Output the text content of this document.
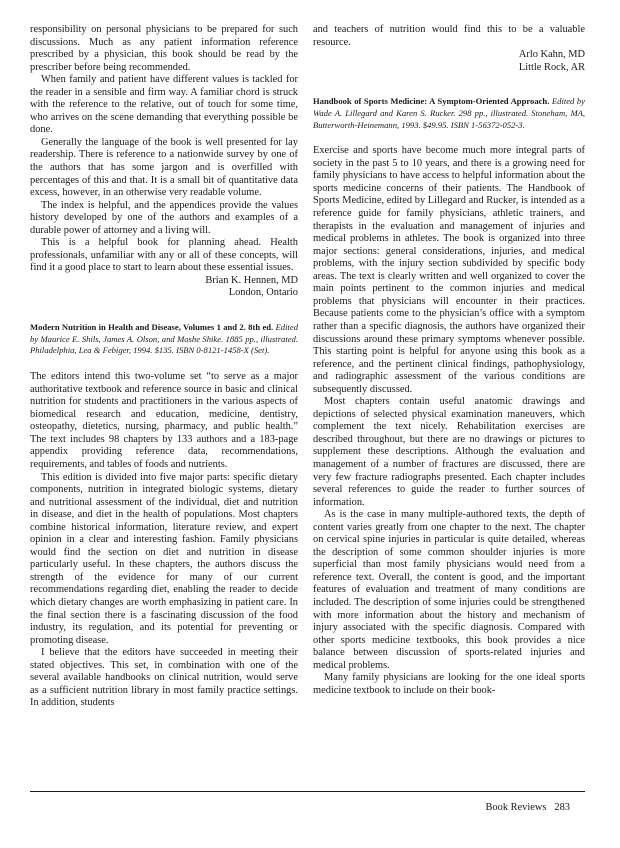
responsibility on personal physicians to be prepared for such discussions. Much as any patient information reference prescribed by a physician, this book should be read by the prescriber before being recommended.

When family and patient have different values is tackled for the reader in a sensible and firm way. A familiar chord is struck with the reference to the relative, out of touch for some time, who arrives on the scene demanding that everything possible be done.

Generally the language of the book is well presented for lay readership. There is reference to a nationwide survey by one of the authors that has some jargon and is overfilled with percentages of this and that. It is a small bit of quantitative data excess, however, in an otherwise very readable volume.

The index is helpful, and the appendices provide the values history developed by one of the authors and examples of a durable power of attorney and a living will.

This is a helpful book for planning ahead. Health professionals, unfamiliar with any or all of these concepts, will find it a good place to start to learn about these essential issues.

Brian K. Hennen, MD
London, Ontario

Modern Nutrition in Health and Disease, Volumes 1 and 2. 8th ed. Edited by Maurice E. Shils, James A. Olson, and Moshe Shike. 1885 pp., illustrated. Philadelphia, Lea & Febiger, 1994. $135. ISBN 0-8121-1458-X (Set).

The editors intend this two-volume set “to serve as a major authoritative textbook and reference source in basic and clinical nutrition for students and practitioners in the various aspects of biomedical research and education, medicine, dentistry, osteopathy, dietetics, nursing, pharmacy, and public health.” The text includes 98 chapters by 133 authors and a 183-page appendix providing reference data, recommendations, requirements, and tables of foods and nutrients.

This edition is divided into five major parts: specific dietary components, nutrition in integrated biologic systems, dietary and nutritional assessment of the individual, diet and nutrition in disease, and diet in the health of populations. Most chapters combine historical information, literature review, and expert opinion in a clear and interesting fashion. Family physicians would find the section on diet and nutrition in disease particularly useful. In these chapters, the authors discuss the strength of the evidence for many of our current recommendations regarding diet, enabling the reader to decide which dietary changes are worth emphasizing in patient care. In the final section there is a fascinating discussion of the food industry, its regulation, and its potential for preventing or promoting disease.

I believe that the editors have succeeded in meeting their stated objectives. This set, in combination with one of the several available handbooks on clinical nutrition, would serve as a sufficient nutrition library in most family practice settings. In addition, students

and teachers of nutrition would find this to be a valuable resource.

Arlo Kahn, MD
Little Rock, AR

Handbook of Sports Medicine: A Symptom-Oriented Approach. Edited by Wade A. Lillegard and Karen S. Rucker. 298 pp., illustrated. Stoneham, MA, Butterworth-Heinemann, 1993. $49.95. ISBN 1-56372-052-3.

Exercise and sports have become much more integral parts of society in the past 5 to 10 years, and there is a growing need for family physicians to have access to helpful information about the sports medicine concerns of their patients. The Handbook of Sports Medicine, edited by Lillegard and Rucker, is intended as a reference guide for family physicians, athletic trainers, and therapists in the evaluation and management of injuries and medical problems in athletes. The book is organized into three major sections: general considerations, injuries, and medical problems, with the injury section subdivided by specific body areas. The text is clearly written and well organized to cover the main points pertinent to the common injuries and medical problems that physicians will encounter in their practices. Because patients come to the physician’s office with a symptom rather than a specific diagnosis, the authors have organized their discussions around these primary symptoms whenever possible. This starting point is helpful for anyone using this book as a reference, and the pertinent clinical findings, pathophysiology, and radiographic assessment of the various conditions are subsequently discussed.

Most chapters contain useful anatomic drawings and depictions of selected physical examination maneuvers, which complement the text nicely. Rehabilitation exercises are described throughout, but there are no drawings or pictures to supplement these descriptions. Although the evaluation and management of a number of fractures are discussed, there are very few fracture radiographs presented. Each chapter includes several references to guide the reader to further sources of information.

As is the case in many multiple-authored texts, the depth of content varies greatly from one chapter to the next. The chapter on cervical spine injuries in particular is quite detailed, whereas the description of some common shoulder injuries is more superficial than most family physicians would need from a reference text. Overall, the content is good, and the important features of evaluation and treatment of many conditions are included. The description of some injuries could be strengthened with more information about the history and mechanism of injury associated with the specific diagnosis. Compared with other sports medicine textbooks, this book provides a nice balance between discussion of sports-related injuries and medical problems.

Many family physicians are looking for the one ideal sports medicine textbook to include on their book-

Book Reviews 283
